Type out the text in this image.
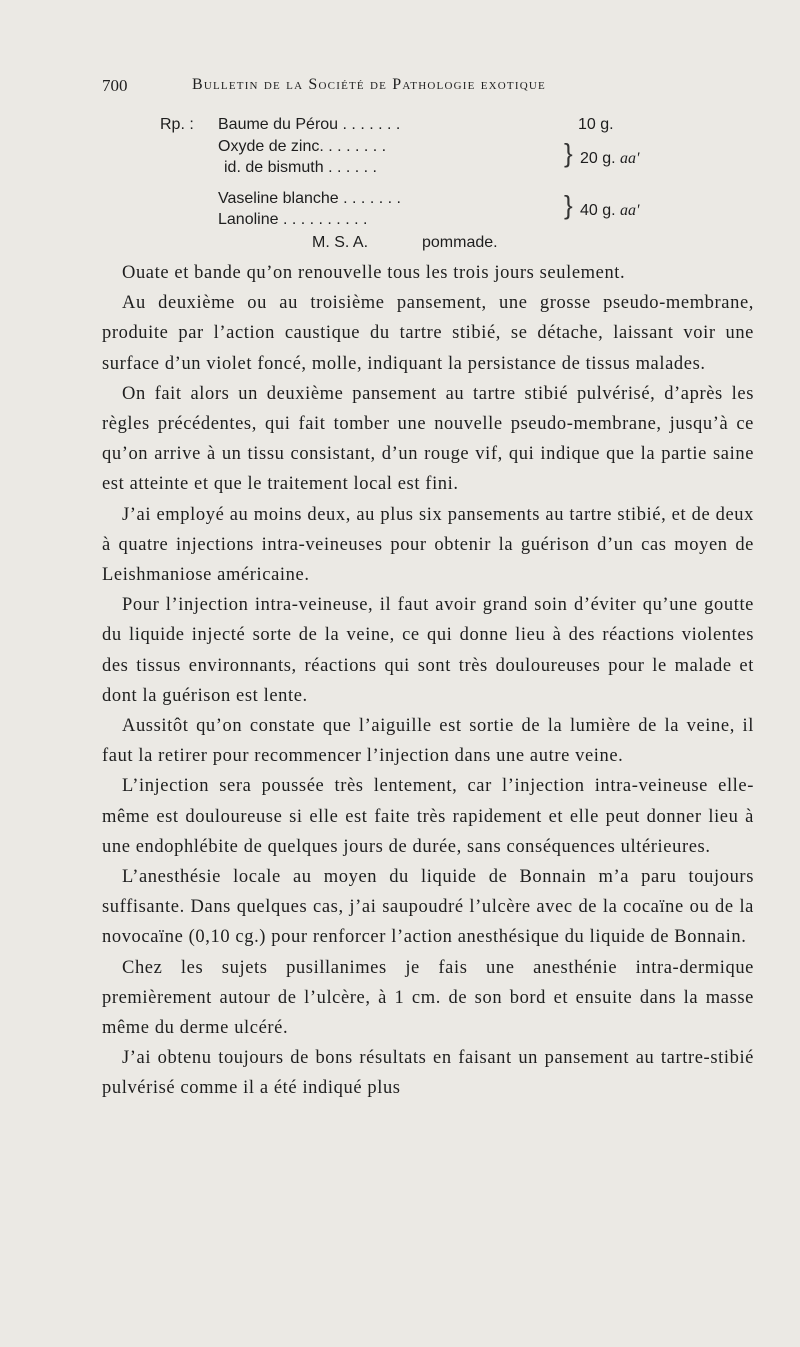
700	Bulletin de la Société de Pathologie exotique
Rp. : Baume du Pérou . . . . . . .	10 g.
Oxyde de zinc. . . . . . . .
id. de bismuth . . . . . .	} 20 g. aa'
Vaseline blanche . . . . . . .
Lanoline . . . . . . . . . .	} 40 g. aa'
M. S. A.	pommade.

Ouate et bande qu’on renouvelle tous les trois jours seulement.

Au deuxième ou au troisième pansement, une grosse pseudo-membrane, produite par l’action caustique du tartre stibié, se détache, laissant voir une surface d’un violet foncé, molle, indiquant la persistance de tissus malades.

On fait alors un deuxième pansement au tartre stibié pulvérisé, d’après les règles précédentes, qui fait tomber une nouvelle pseudo-membrane, jusqu’à ce qu’on arrive à un tissu consistant, d’un rouge vif, qui indique que la partie saine est atteinte et que le traitement local est fini.

J’ai employé au moins deux, au plus six pansements au tartre stibié, et de deux à quatre injections intra-veineuses pour obtenir la guérison d’un cas moyen de Leishmaniose américaine.

Pour l’injection intra-veineuse, il faut avoir grand soin d’éviter qu’une goutte du liquide injecté sorte de la veine, ce qui donne lieu à des réactions violentes des tissus environnants, réactions qui sont très douloureuses pour le malade et dont la guérison est lente.

Aussitôt qu’on constate que l’aiguille est sortie de la lumière de la veine, il faut la retirer pour recommencer l’injection dans une autre veine.

L’injection sera poussée très lentement, car l’injection intra-veineuse elle-même est douloureuse si elle est faite très rapidement et elle peut donner lieu à une endophlébite de quelques jours de durée, sans conséquences ultérieures.

L’anesthésie locale au moyen du liquide de Bonnain m’a paru toujours suffisante. Dans quelques cas, j’ai saupoudré l’ulcère avec de la cocaïne ou de la novocaïne (0,10 cg.) pour renforcer l’action anesthésique du liquide de Bonnain.

Chez les sujets pusillanimes je fais une anesthénie intra-dermique premièrement autour de l’ulcère, à 1 cm. de son bord et ensuite dans la masse même du derme ulcéré.

J’ai obtenu toujours de bons résultats en faisant un pansement au tartre-stibié pulvérisé comme il a été indiqué plus
